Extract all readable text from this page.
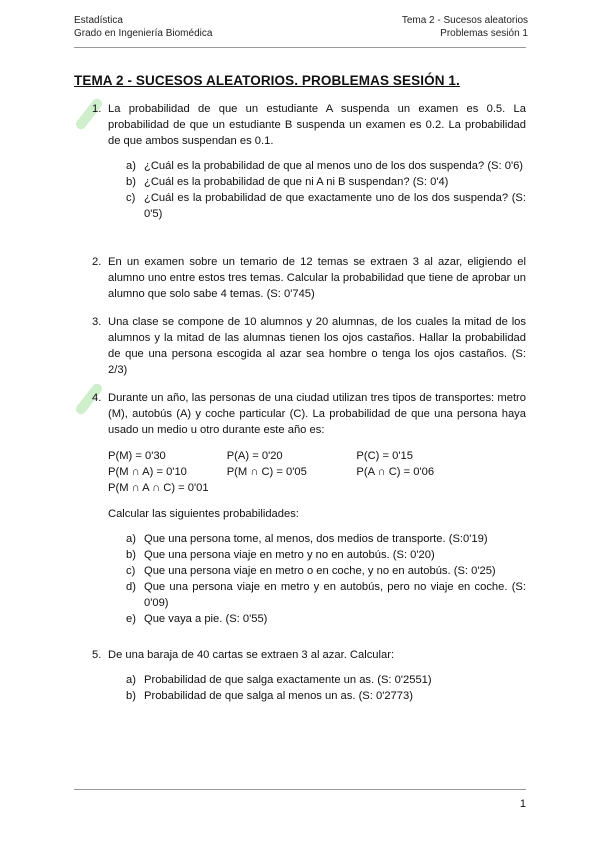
Estadística
Grado en Ingeniería Biomédica
Tema 2 - Sucesos aleatorios
Problemas sesión 1
TEMA 2 - SUCESOS ALEATORIOS. PROBLEMAS SESIÓN 1.
1. La probabilidad de que un estudiante A suspenda un examen es 0.5. La probabilidad de que un estudiante B suspenda un examen es 0.2. La probabilidad de que ambos suspendan es 0.1.
a) ¿Cuál es la probabilidad de que al menos uno de los dos suspenda? (S: 0'6)
b) ¿Cuál es la probabilidad de que ni A ni B suspendan? (S: 0'4)
c) ¿Cuál es la probabilidad de que exactamente uno de los dos suspenda? (S: 0'5)
2. En un examen sobre un temario de 12 temas se extraen 3 al azar, eligiendo el alumno uno entre estos tres temas. Calcular la probabilidad que tiene de aprobar un alumno que solo sabe 4 temas. (S: 0'745)
3. Una clase se compone de 10 alumnos y 20 alumnas, de los cuales la mitad de los alumnos y la mitad de las alumnas tienen los ojos castaños. Hallar la probabilidad de que una persona escogida al azar sea hombre o tenga los ojos castaños. (S: 2/3)
4. Durante un año, las personas de una ciudad utilizan tres tipos de transportes: metro (M), autobús (A) y coche particular (C). La probabilidad de que una persona haya usado un medio u otro durante este año es:
P(M) = 0'30	P(A) = 0'20	P(C) = 0'15
P(M ∩ A) = 0'10	P(M ∩ C) = 0'05	P(A ∩ C) = 0'06
P(M ∩ A ∩ C) = 0'01
Calcular las siguientes probabilidades:
a) Que una persona tome, al menos, dos medios de transporte. (S:0'19)
b) Que una persona viaje en metro y no en autobús. (S: 0'20)
c) Que una persona viaje en metro o en coche, y no en autobús. (S: 0'25)
d) Que una persona viaje en metro y en autobús, pero no viaje en coche. (S: 0'09)
e) Que vaya a pie. (S: 0'55)
5. De una baraja de 40 cartas se extraen 3 al azar. Calcular:
a) Probabilidad de que salga exactamente un as. (S: 0'2551)
b) Probabilidad de que salga al menos un as. (S: 0'2773)
1
